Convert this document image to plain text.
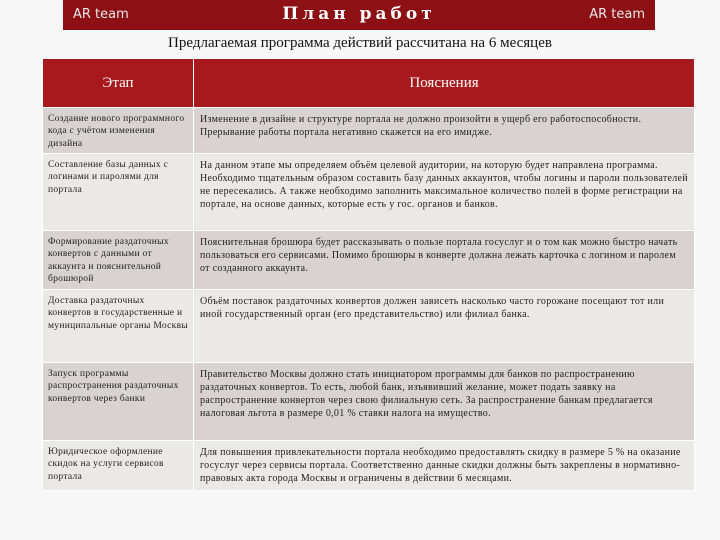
AR team	План работ	AR team
Предлагаемая программа действий рассчитана на 6 месяцев
Этап	Пояснения
Создание нового программного кода с учётом изменения дизайна	Изменение в дизайне и структуре портала не должно произойти в ущерб его работоспособности. Прерывание работы портала негативно скажется на его имидже.
Составление базы данных с логинами и паролями для портала	На данном этапе мы определяем объём целевой аудитории, на которую будет направлена программа. Необходимо тщательным образом составить базу данных аккаунтов, чтобы логины и пароли пользователей не пересекались. А также необходимо заполнить максимальное количество полей в форме регистрации на портале, на основе данных, которые есть у гос. органов и банков.
Формирование раздаточных конвертов с данными от аккаунта и пояснительной брошюрой	Пояснительная брошюра будет рассказывать о пользе портала госуслуг и о том как можно быстро начать пользоваться его сервисами. Помимо брошюры в конверте должна лежать карточка с логином и паролем от созданного аккаунта.
Доставка раздаточных конвертов в государственные и муниципальные органы Москвы	Объём поставок раздаточных конвертов должен зависеть насколько часто горожане посещают тот или иной государственный орган (его представительство) или филиал банка.
Запуск программы распространения раздаточных конвертов через банки	Правительство Москвы должно стать инициатором программы для банков по распространению раздаточных конвертов. То есть, любой банк, изъявивший желание, может подать заявку на распространение конвертов через свою филиальную сеть. За распространение банкам предлагается налоговая льгота в размере 0,01 % ставки налога на имущество.
Юридическое оформление скидок на услуги сервисов портала	Для повышения привлекательности портала необходимо предоставлять скидку в размере 5 % на оказание госуслуг через сервисы портала. Соответственно данные скидки должны быть закреплены в нормативно-правовых акта города Москвы и ограничены в действии 6 месяцами.
